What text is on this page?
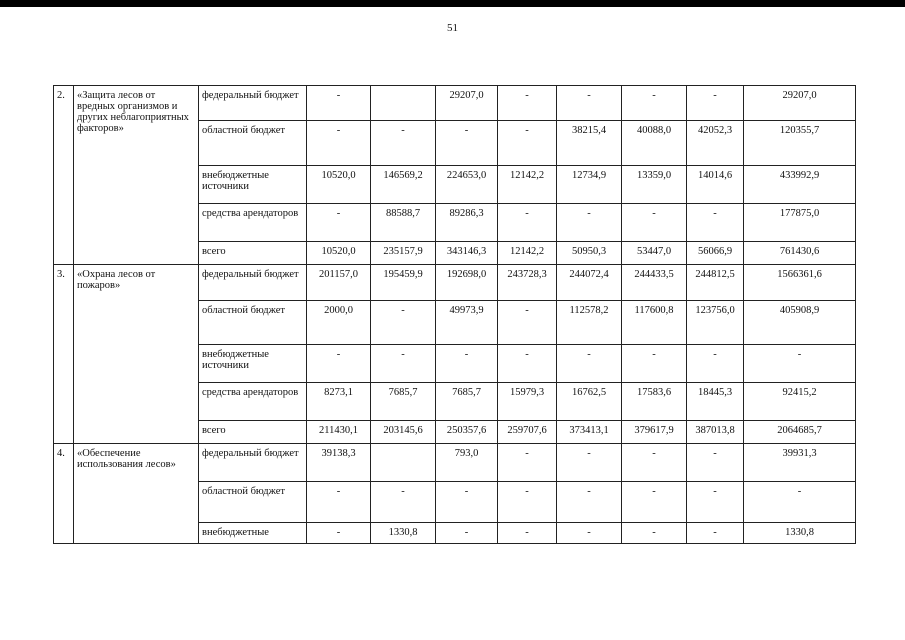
51
2.	«Защита лесов от вредных организмов и других неблагоприятных факторов»	федеральный бюджет	-		29207,0	-	-	-	-	29207,0
		областной бюджет	-	-	-	-	38215,4	40088,0	42052,3	120355,7
		внебюджетные источники	10520,0	146569,2	224653,0	12142,2	12734,9	13359,0	14014,6	433992,9
		средства арендаторов	-	88588,7	89286,3	-	-	-	-	177875,0
		всего	10520,0	235157,9	343146,3	12142,2	50950,3	53447,0	56066,9	761430,6
3.	«Охрана лесов от пожаров»	федеральный бюджет	201157,0	195459,9	192698,0	243728,3	244072,4	244433,5	244812,5	1566361,6
		областной бюджет	2000,0	-	49973,9	-	112578,2	117600,8	123756,0	405908,9
		внебюджетные источники	-	-	-	-	-	-	-	-
		средства арендаторов	8273,1	7685,7	7685,7	15979,3	16762,5	17583,6	18445,3	92415,2
		всего	211430,1	203145,6	250357,6	259707,6	373413,1	379617,9	387013,8	2064685,7
4.	«Обеспечение использования лесов»	федеральный бюджет	39138,3		793,0	-	-	-	-	39931,3
		областной бюджет	-	-	-	-	-	-	-	-
		внебюджетные	-	1330,8	-	-	-	-	-	1330,8
